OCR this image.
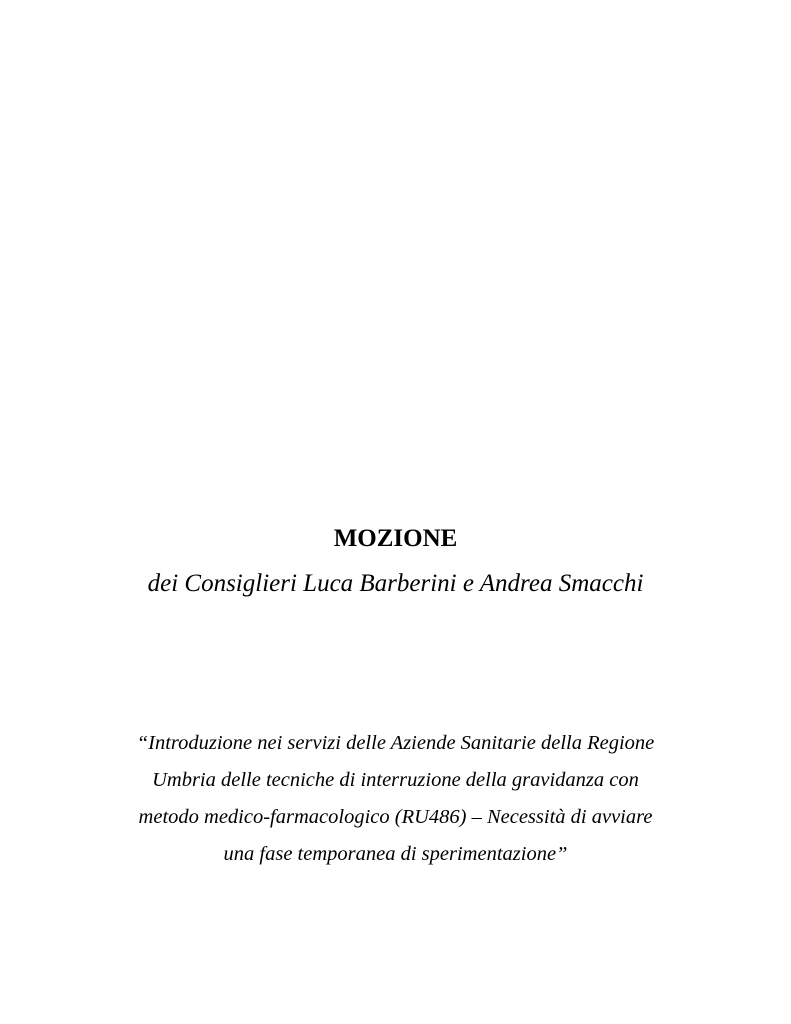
MOZIONE

dei Consiglieri Luca Barberini e Andrea Smacchi

“Introduzione nei servizi delle Aziende Sanitarie della Regione
Umbria delle tecniche di interruzione della gravidanza con
metodo medico-farmacologico (RU486) – Necessità di avviare
una fase temporanea di sperimentazione”
